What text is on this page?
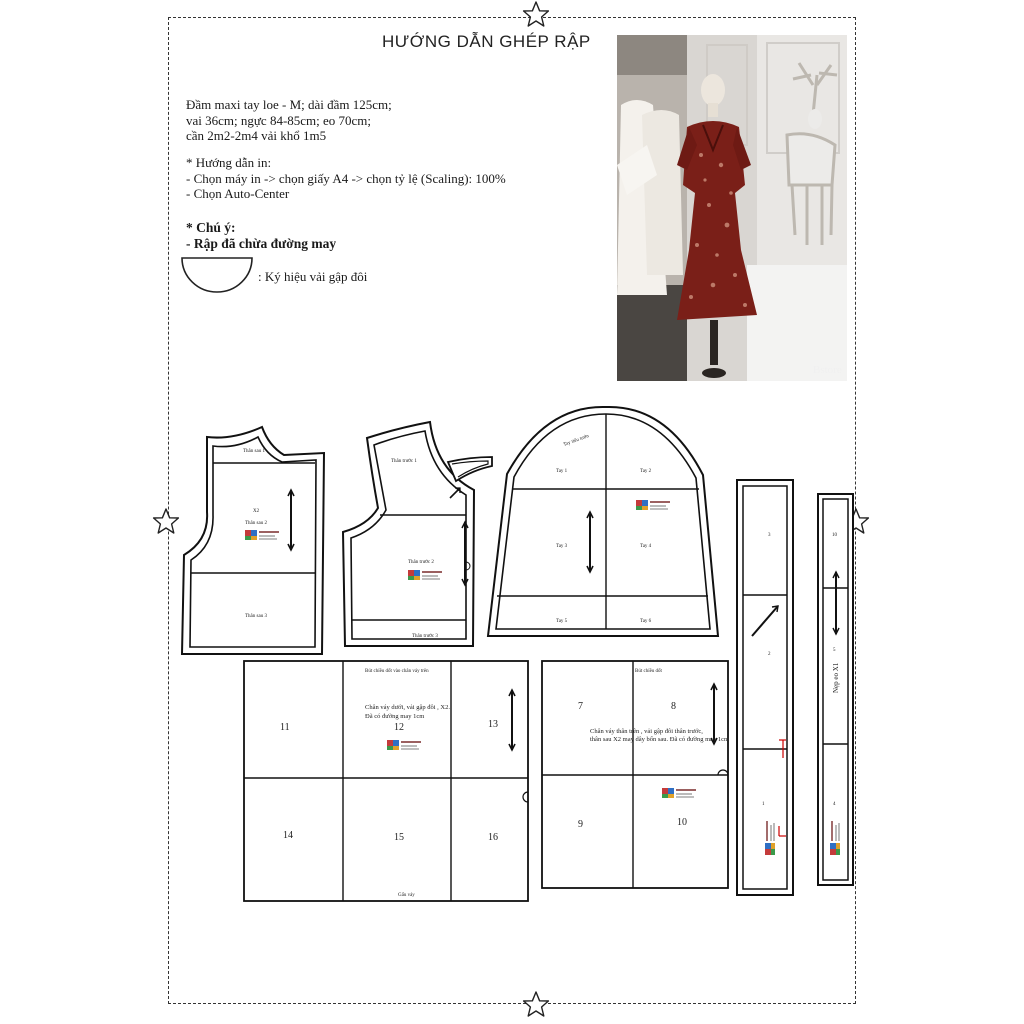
Thân sau 1
X2
Thân sau 2
Thân sau 3
Thân trước 1
Thân trước 2
Thân trước 3
Tay tiểu tướn
Tay 1	Tay 2
Tay 3	Tay 4
Tay 5	Tay 6
3
2
1
10
5
4
Nẹp eo X1
Bút chiều dốt vào chân váy trên
Chân váy dưới, vải gập đôi , X2.
Đã có đường may 1cm
11	12	13
14	15	16
Gấu váy
Bút chiều dốt
Chân váy thân trên , vải gập đôi thân trước,
thân sau X2 may dây bốn sau. Đã có đường may 1cm
7	8
9	10
HƯỚNG DẪN GHÉP RẬP
Đầm maxi tay loe - M; dài đầm 125cm;
vai 36cm; ngực 84-85cm; eo 70cm;
cần 2m2-2m4 vải khổ 1m5
* Hướng dẫn in:
- Chọn máy in -> chọn giấy A4 -> chọn tỷ lệ (Scaling): 100%
- Chọn Auto-Center
* Chú ý:
- Rập đã chừa đường may
: Ký hiệu vải gập đôi
Bstore
